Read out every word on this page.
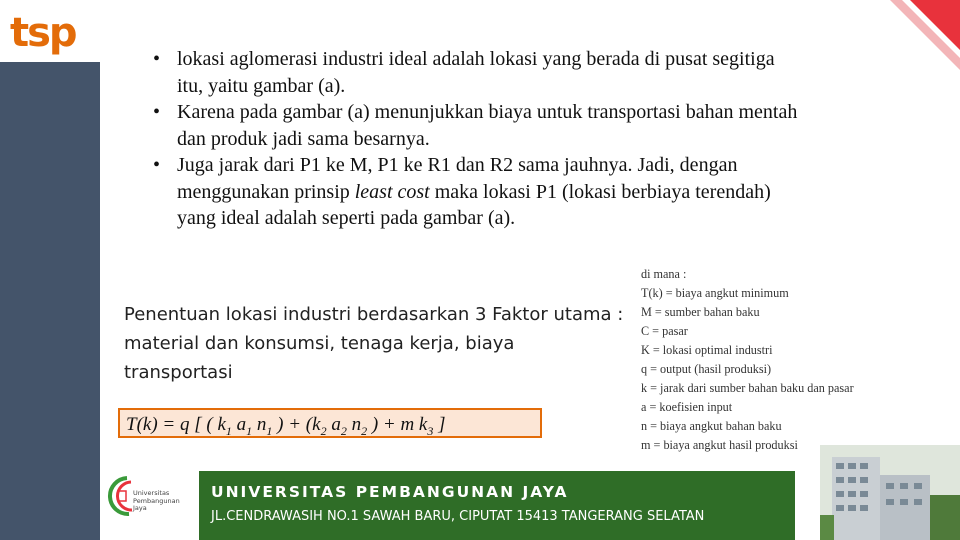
tsp
• lokasi aglomerasi industri ideal adalah lokasi yang berada di pusat segitiga itu, yaitu gambar (a).
• Karena pada gambar (a) menunjukkan biaya untuk transportasi bahan mentah dan produk jadi sama besarnya.
• Juga jarak dari P1 ke M, P1 ke R1 dan R2 sama jauhnya. Jadi, dengan menggunakan prinsip least cost maka lokasi P1 (lokasi berbiaya terendah) yang ideal adalah seperti pada gambar (a).
Penentuan lokasi industri berdasarkan 3 Faktor utama : material dan konsumsi, tenaga kerja, biaya transportasi
T(k) = q [ ( $k_1$ $a_1$ $n_1$ ) + ($k_2$ $a_2$ $n_2$ ) + m $k_3$ ]
di mana :
T(k) = biaya angkut minimum
M = sumber bahan baku
C = pasar
K = lokasi optimal industri
q = output (hasil produksi)
k = jarak dari sumber bahan baku dan pasar
a = koefisien input
n = biaya angkut bahan baku
m = biaya angkut hasil produksi
Universitas
Pembangunan
Jaya
UNIVERSITAS PEMBANGUNAN JAYA
JL.CENDRAWASIH NO.1 SAWAH BARU, CIPUTAT 15413 TANGERANG SELATAN
